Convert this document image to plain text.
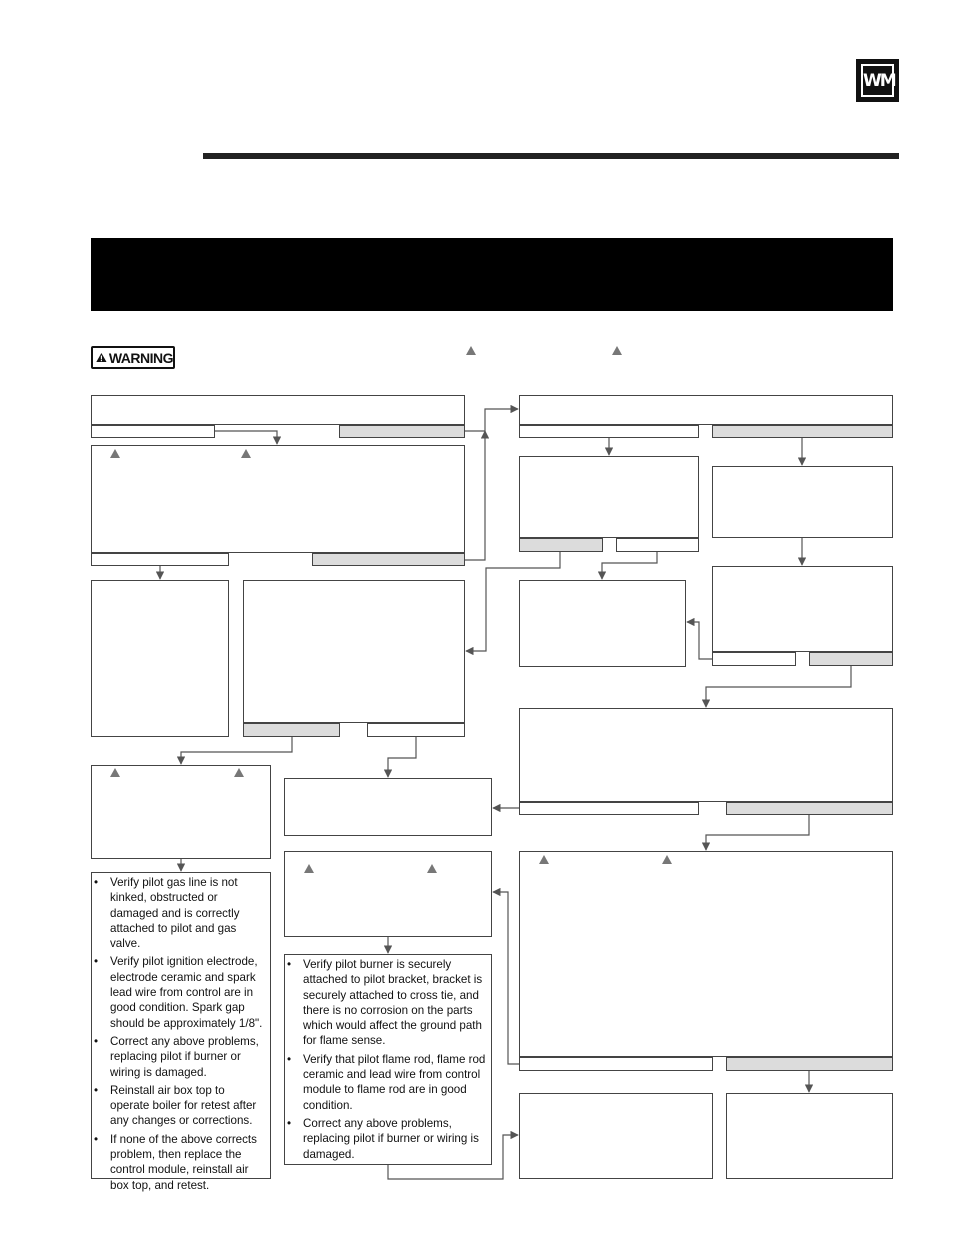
WM
WARNING
• Verify pilot gas line is not kinked, obstructed or damaged and is correctly attached to pilot and gas valve.
• Verify pilot ignition electrode, electrode ceramic and spark lead wire from control are in good condition. Spark gap should be approximately 1/8".
• Correct any above problems, replacing pilot if burner or wiring is damaged.
• Reinstall air box top to operate boiler for retest after any changes or corrections.
• If none of the above corrects problem, then replace the control module, reinstall air box top, and retest.
• Verify pilot burner is securely attached to pilot bracket, bracket is securely attached to cross tie, and there is no corrosion on the parts which would affect the ground path for flame sense.
• Verify that pilot flame rod, flame rod ceramic and lead wire from control module to flame rod are in good condition.
• Correct any above problems, replacing pilot if burner or wiring is damaged.
